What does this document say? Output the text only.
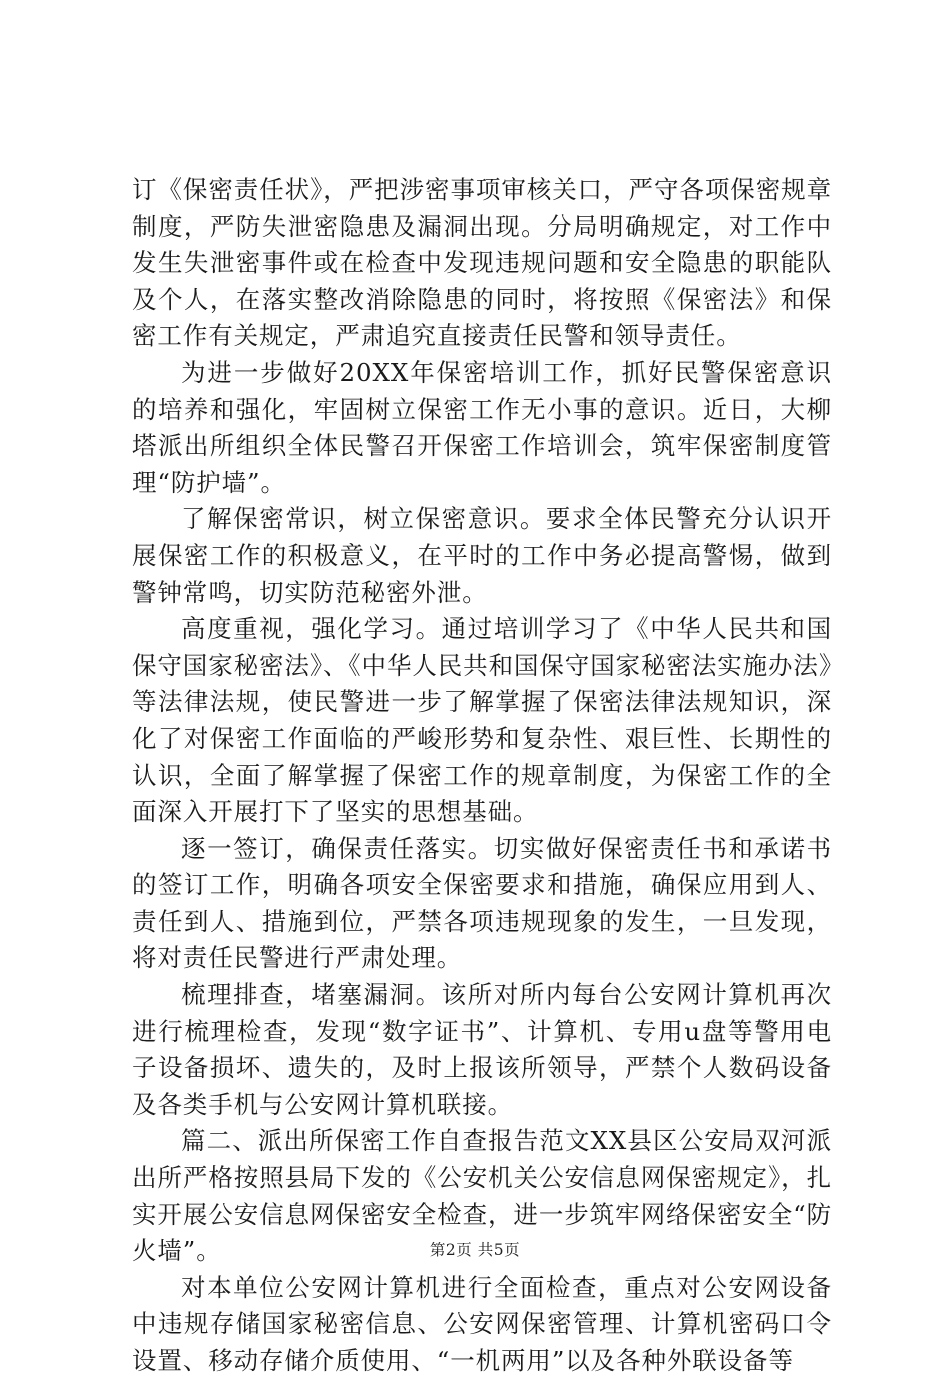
订《保密责任状》，严把涉密事项审核关口，严守各项保密规章制度，严防失泄密隐患及漏洞出现。分局明确规定，对工作中发生失泄密事件或在检查中发现违规问题和安全隐患的职能队及个人，在落实整改消除隐患的同时，将按照《保密法》和保密工作有关规定，严肃追究直接责任民警和领导责任。

为进一步做好20XX年保密培训工作，抓好民警保密意识的培养和强化，牢固树立保密工作无小事的意识。近日，大柳塔派出所组织全体民警召开保密工作培训会，筑牢保密制度管理“防护墙”。

了解保密常识，树立保密意识。要求全体民警充分认识开展保密工作的积极意义，在平时的工作中务必提高警惕，做到警钟常鸣，切实防范秘密外泄。

高度重视，强化学习。通过培训学习了《中华人民共和国保守国家秘密法》、《中华人民共和国保守国家秘密法实施办法》等法律法规，使民警进一步了解掌握了保密法律法规知识，深化了对保密工作面临的严峻形势和复杂性、艰巨性、长期性的认识，全面了解掌握了保密工作的规章制度，为保密工作的全面深入开展打下了坚实的思想基础。

逐一签订，确保责任落实。切实做好保密责任书和承诺书的签订工作，明确各项安全保密要求和措施，确保应用到人、责任到人、措施到位，严禁各项违规现象的发生，一旦发现，将对责任民警进行严肃处理。

梳理排查，堵塞漏洞。该所对所内每台公安网计算机再次进行梳理检查，发现“数字证书”、计算机、专用u盘等警用电子设备损坏、遗失的，及时上报该所领导，严禁个人数码设备及各类手机与公安网计算机联接。

篇二、派出所保密工作自查报告范文XX县区公安局双河派出所严格按照县局下发的《公安机关公安信息网保密规定》，扎实开展公安信息网保密安全检查，进一步筑牢网络保密安全“防火墙”。

对本单位公安网计算机进行全面检查，重点对公安网设备中违规存储国家秘密信息、公安网保密管理、计算机密码口令设置、移动存储介质使用、“一机两用”以及各种外联设备等

第2页 共5页
